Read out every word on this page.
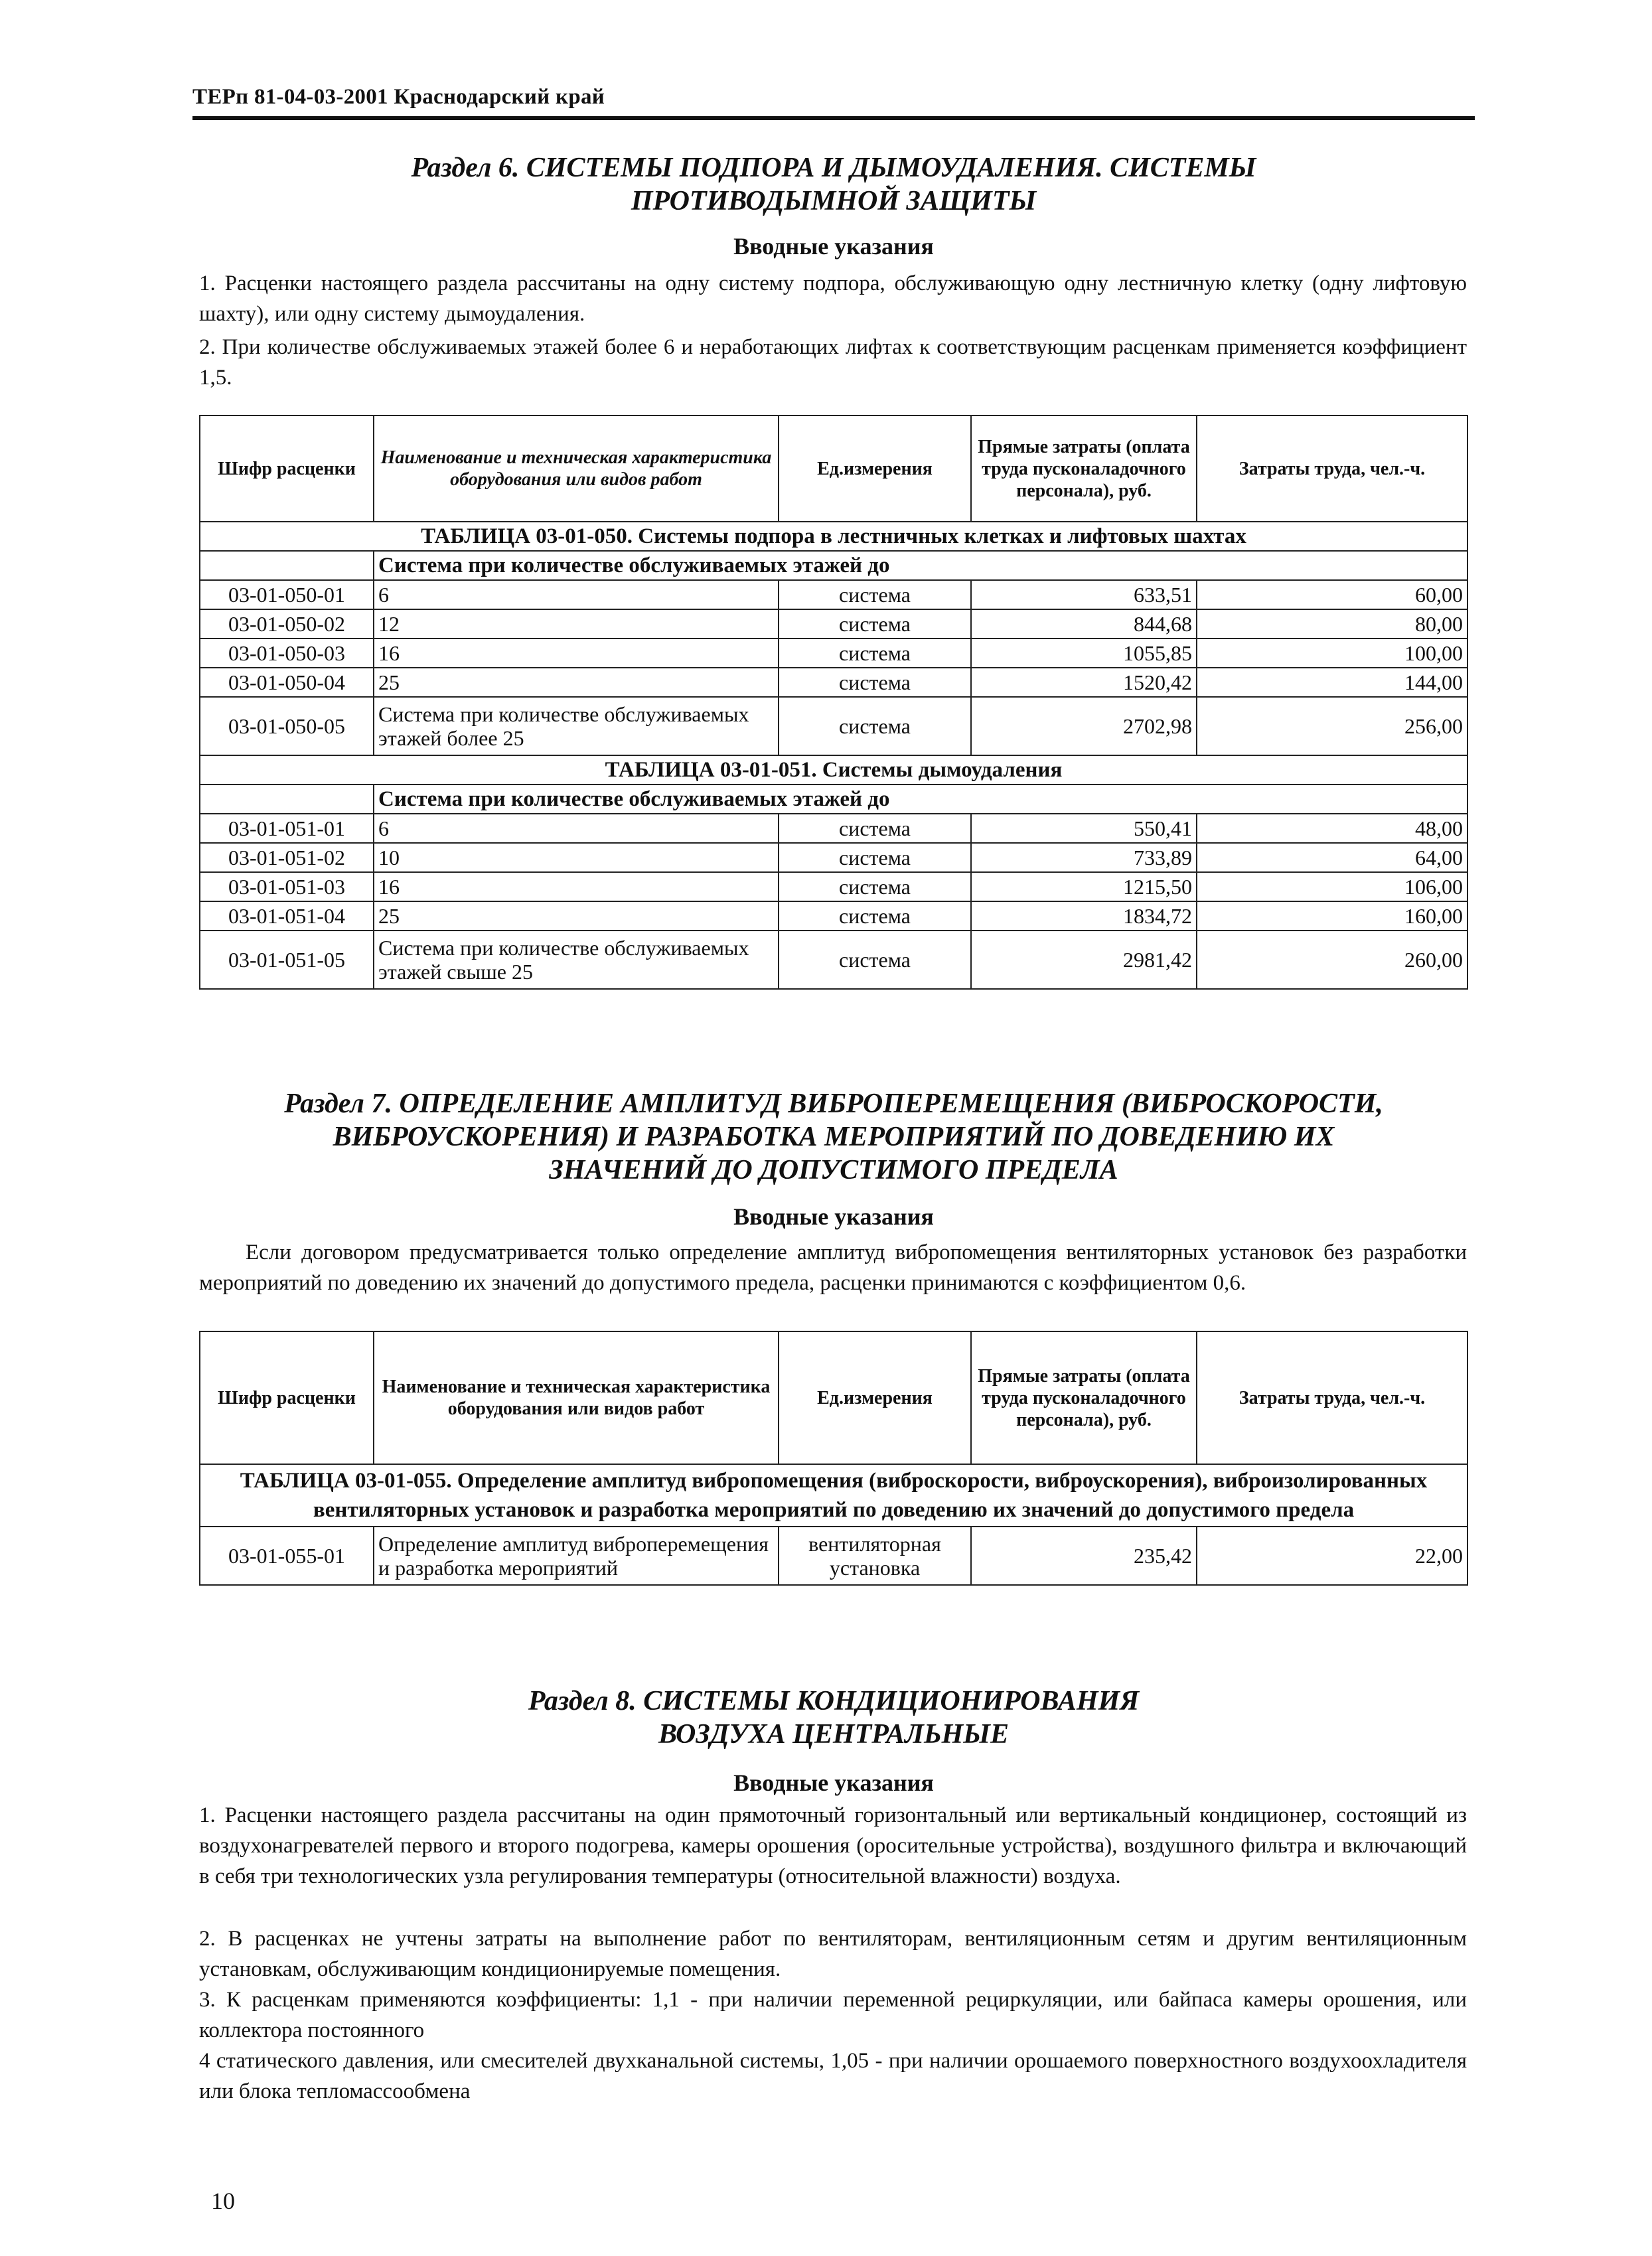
ТЕРп 81-04-03-2001 Краснодарский край
Раздел 6. СИСТЕМЫ ПОДПОРА И ДЫМОУДАЛЕНИЯ. СИСТЕМЫ
ПРОТИВОДЫМНОЙ ЗАЩИТЫ
Вводные указания
1. Расценки настоящего раздела рассчитаны на одну систему подпора, обслуживающую одну лестничную клетку (одну лифтовую шахту), или одну систему дымоудаления.
2. При количестве обслуживаемых этажей более 6 и неработающих лифтах к соответствующим расценкам применяется коэффициент 1,5.
Шифр расценки	Наименование и техническая характеристика оборудования или видов работ	Ед.измерения	Прямые затраты (оплата труда пусконаладочного персонала), руб.	Затраты труда, чел.-ч.
ТАБЛИЦА 03-01-050. Системы подпора в лестничных клетках и лифтовых шахтах				
	Система при количестве обслуживаемых этажей до			
03-01-050-01	6	система	633,51	60,00
03-01-050-02	12	система	844,68	80,00
03-01-050-03	16	система	1055,85	100,00
03-01-050-04	25	система	1520,42	144,00
03-01-050-05	Система при количестве обслуживаемых этажей более 25	система	2702,98	256,00
ТАБЛИЦА 03-01-051. Системы дымоудаления				
	Система при количестве обслуживаемых этажей до			
03-01-051-01	6	система	550,41	48,00
03-01-051-02	10	система	733,89	64,00
03-01-051-03	16	система	1215,50	106,00
03-01-051-04	25	система	1834,72	160,00
03-01-051-05	Система при количестве обслуживаемых этажей свыше 25	система	2981,42	260,00
Раздел 7. ОПРЕДЕЛЕНИЕ АМПЛИТУД ВИБРОПЕРЕМЕЩЕНИЯ (ВИБРОСКОРОСТИ,
ВИБРОУСКОРЕНИЯ) И РАЗРАБОТКА МЕРОПРИЯТИЙ ПО ДОВЕДЕНИЮ ИХ
ЗНАЧЕНИЙ ДО ДОПУСТИМОГО ПРЕДЕЛА
Вводные указания
Если договором предусматривается только определение амплитуд вибропомещения вентиляторных установок без разработки мероприятий по доведению их значений до допустимого предела, расценки принимаются с коэффициентом 0,6.
Шифр расценки	Наименование и техническая характеристика оборудования или видов работ	Ед.измерения	Прямые затраты (оплата труда пусконаладочного персонала), руб.	Затраты труда, чел.-ч.
ТАБЛИЦА 03-01-055. Определение амплитуд вибропомещения (виброскорости, виброускорения), виброизолированных вентиляторных установок и разработка мероприятий по доведению их значений до допустимого предела				
03-01-055-01	Определение амплитуд виброперемещения и разработка мероприятий	вентиляторная установка	235,42	22,00
Раздел 8. СИСТЕМЫ КОНДИЦИОНИРОВАНИЯ
ВОЗДУХА ЦЕНТРАЛЬНЫЕ
Вводные указания
1. Расценки настоящего раздела рассчитаны на один прямоточный горизонтальный или вертикальный кондиционер, состоящий из воздухонагревателей первого и второго подогрева, камеры орошения (оросительные устройства), воздушного фильтра и включающий в себя три технологических узла регулирования температуры (относительной влажности) воздуха.
2. В расценках не учтены затраты на выполнение работ по вентиляторам, вентиляционным сетям и другим вентиляционным установкам, обслуживающим кондиционируемые помещения.
3. К расценкам применяются коэффициенты: 1,1 - при наличии переменной рециркуляции, или байпаса камеры орошения, или коллектора постоянного
4 статического давления, или смесителей двухканальной системы, 1,05 - при наличии орошаемого поверхностного воздухоохладителя или блока тепломассообмена
10
